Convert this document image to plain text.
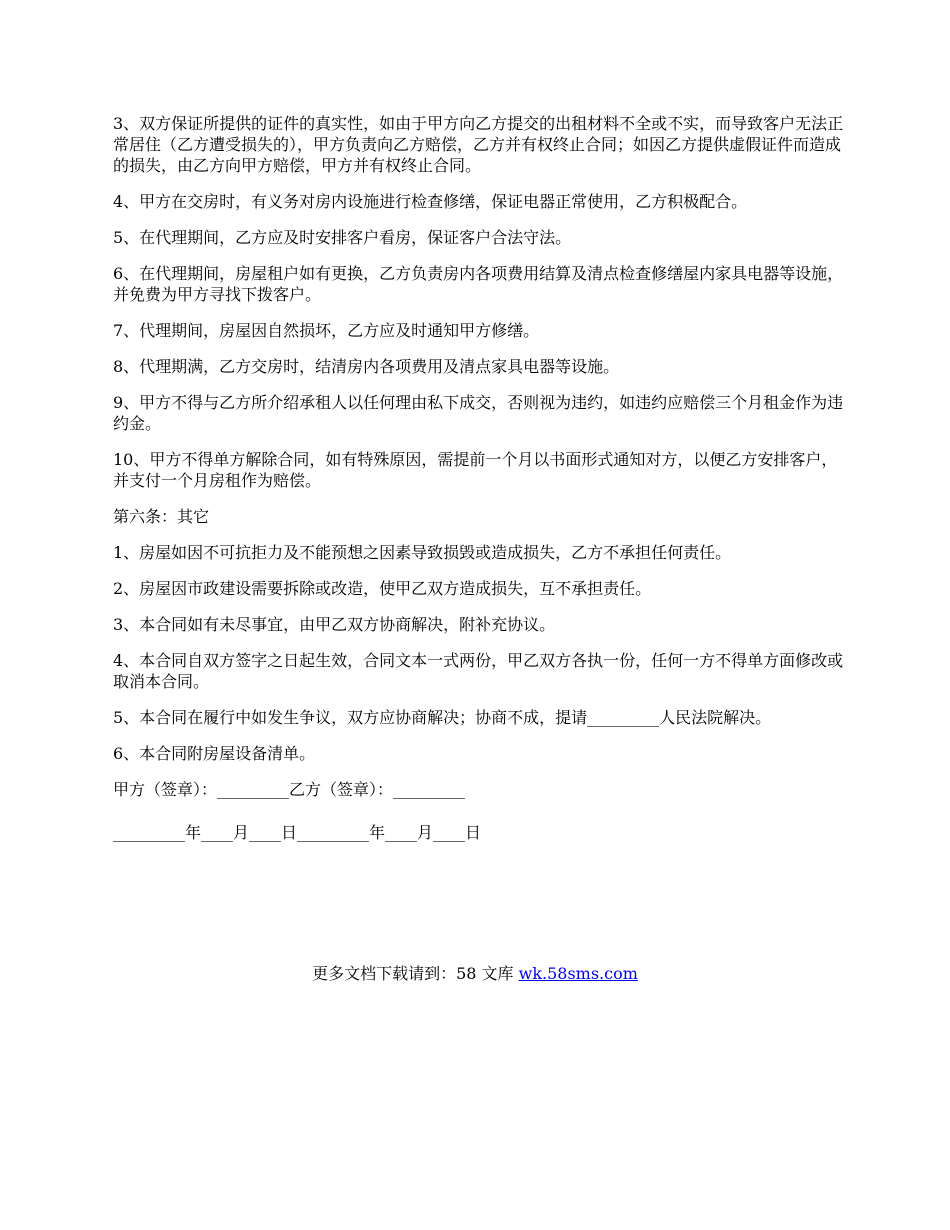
3、双方保证所提供的证件的真实性，如由于甲方向乙方提交的出租材料不全或不实，而导致客户无法正常居住（乙方遭受损失的），甲方负责向乙方赔偿，乙方并有权终止合同；如因乙方提供虚假证件而造成的损失，由乙方向甲方赔偿，甲方并有权终止合同。

4、甲方在交房时，有义务对房内设施进行检查修缮，保证电器正常使用，乙方积极配合。

5、在代理期间，乙方应及时安排客户看房，保证客户合法守法。

6、在代理期间，房屋租户如有更换，乙方负责房内各项费用结算及清点检查修缮屋内家具电器等设施，并免费为甲方寻找下拨客户。

7、代理期间，房屋因自然损坏，乙方应及时通知甲方修缮。

8、代理期满，乙方交房时，结清房内各项费用及清点家具电器等设施。

9、甲方不得与乙方所介绍承租人以任何理由私下成交，否则视为违约，如违约应赔偿三个月租金作为违约金。

10、甲方不得单方解除合同，如有特殊原因，需提前一个月以书面形式通知对方，以便乙方安排客户，并支付一个月房租作为赔偿。

第六条：其它

1、房屋如因不可抗拒力及不能预想之因素导致损毁或造成损失，乙方不承担任何责任。

2、房屋因市政建设需要拆除或改造，使甲乙双方造成损失，互不承担责任。

3、本合同如有未尽事宜，由甲乙双方协商解决，附补充协议。

4、本合同自双方签字之日起生效，合同文本一式两份，甲乙双方各执一份，任何一方不得单方面修改或取消本合同。

5、本合同在履行中如发生争议，双方应协商解决；协商不成，提请_________人民法院解决。

6、本合同附房屋设备清单。

甲方（签章）：_________乙方（签章）：_________

_________年____月____日_________年____月____日

更多文档下载请到：58 文库 wk.58sms.com
